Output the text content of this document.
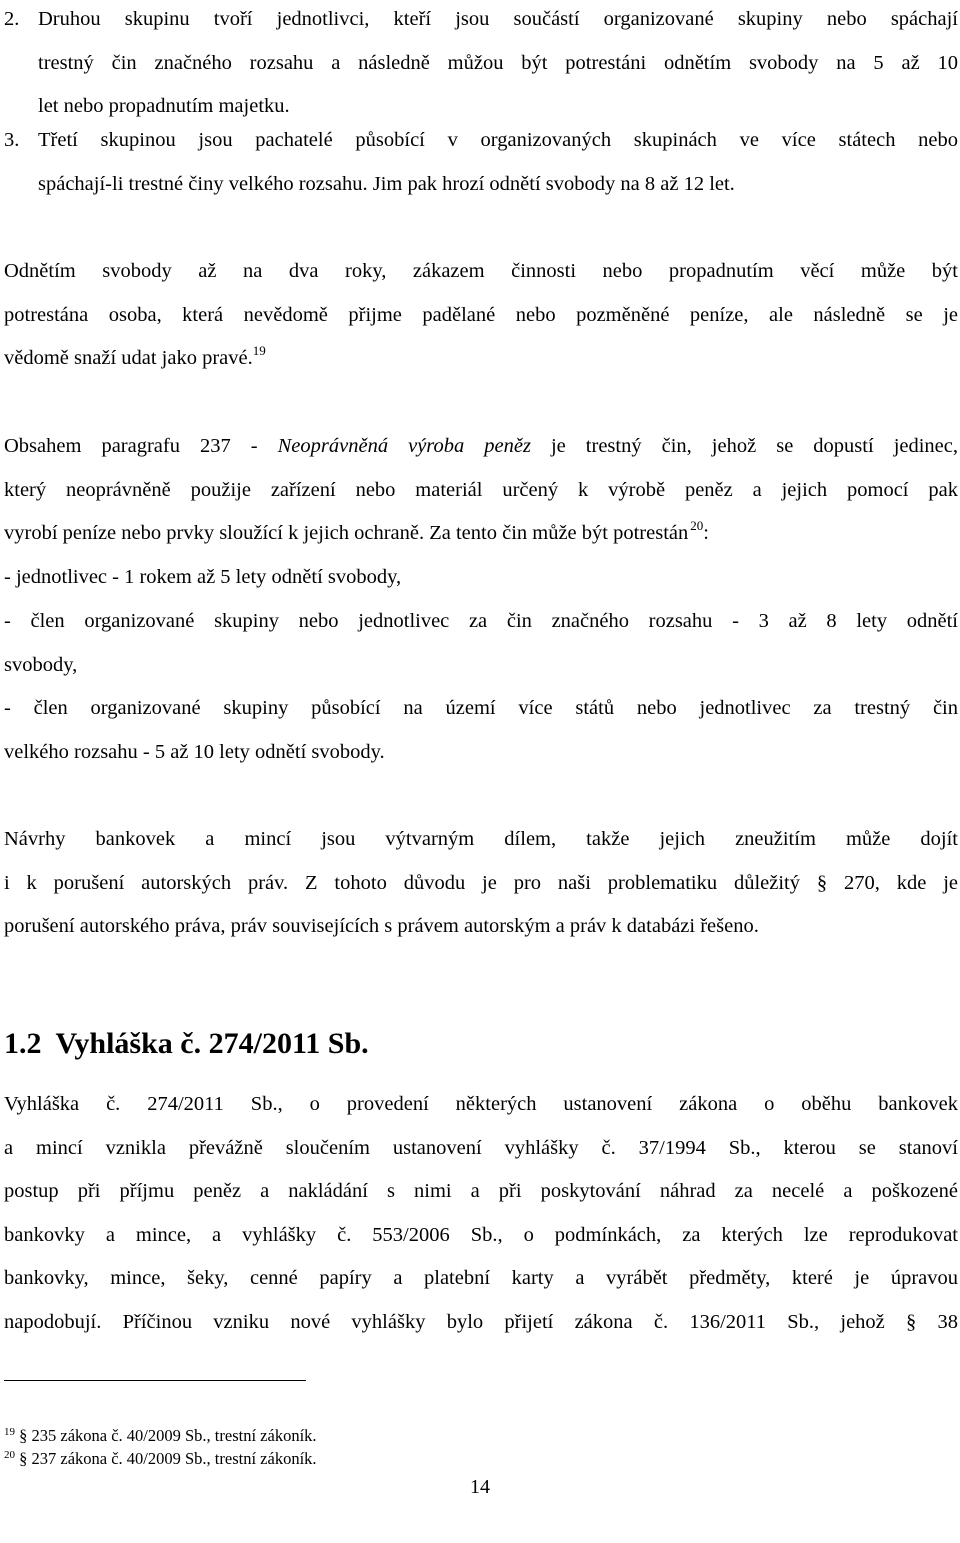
2. Druhou skupinu tvoří jednotlivci, kteří jsou součástí organizované skupiny nebo spáchají
trestný čin značného rozsahu a následně můžou být potrestáni odnětím svobody na 5 až 10
let nebo propadnutím majetku.
3. Třetí skupinou jsou pachatelé působící v organizovaných skupinách ve více státech nebo
spáchají-li trestné činy velkého rozsahu. Jim pak hrozí odnětí svobody na 8 až 12 let.
Odnětím svobody až na dva roky, zákazem činnosti nebo propadnutím věcí může být
potrestána osoba, která nevědomě přijme padělané nebo pozměněné peníze, ale následně se je
vědomě snaží udat jako pravé.$^{19}$
Obsahem paragrafu 237 - Neoprávněná výroba peněz je trestný čin, jehož se dopustí jedinec,
který neoprávněně použije zařízení nebo materiál určený k výrobě peněz a jejich pomocí pak
vyrobí peníze nebo prvky sloužící k jejich ochraně. Za tento čin může být potrestán $^{20}$:
- jednotlivec - 1 rokem až 5 lety odnětí svobody,
- člen organizované skupiny nebo jednotlivec za čin značného rozsahu - 3 až 8 lety odnětí
svobody,
- člen organizované skupiny působící na území více států nebo jednotlivec za trestný čin
velkého rozsahu - 5 až 10 lety odnětí svobody.
Návrhy bankovek a mincí jsou výtvarným dílem, takže jejich zneužitím může dojít
i k porušení autorských práv. Z tohoto důvodu je pro naši problematiku důležitý § 270, kde je
porušení autorského práva, práv souvisejících s právem autorským a práv k databázi řešeno.
1.2 Vyhláška č. 274/2011 Sb.
Vyhláška č. 274/2011 Sb., o provedení některých ustanovení zákona o oběhu bankovek
a mincí vznikla převážně sloučením ustanovení vyhlášky č. 37/1994 Sb., kterou se stanoví
postup při příjmu peněz a nakládání s nimi a při poskytování náhrad za necelé a poškozené
bankovky a mince, a vyhlášky č. 553/2006 Sb., o podmínkách, za kterých lze reprodukovat
bankovky, mince, šeky, cenné papíry a platební karty a vyrábět předměty, které je úpravou
napodobují. Příčinou vzniku nové vyhlášky bylo přijetí zákona č. 136/2011 Sb., jehož § 38
$^{19}$ § 235 zákona č. 40/2009 Sb., trestní zákoník.
$^{20}$ § 237 zákona č. 40/2009 Sb., trestní zákoník.
14
